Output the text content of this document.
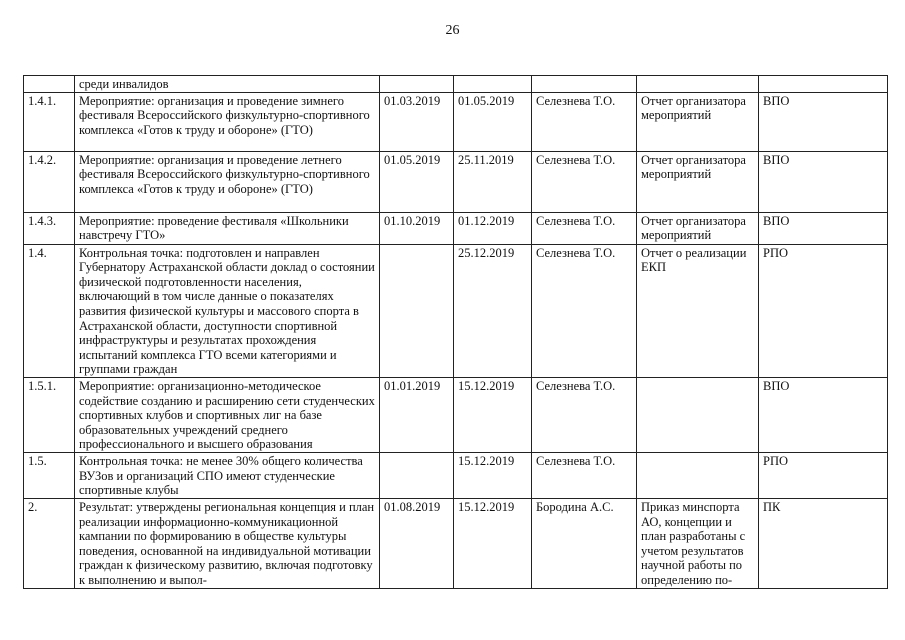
26
	среди инвалидов					
1.4.1.	Мероприятие: организация и проведение зимнего фестиваля Всероссийского физкультурно-спортивного комплекса «Готов к труду и обороне» (ГТО)	01.03.2019	01.05.2019	Селезнева Т.О.	Отчет организатора мероприятий	ВПО
1.4.2.	Мероприятие: организация и проведение летнего фестиваля Всероссийского физкультурно-спортивного комплекса «Готов к труду и обороне» (ГТО)	01.05.2019	25.11.2019	Селезнева Т.О.	Отчет организатора мероприятий	ВПО
1.4.3.	Мероприятие: проведение фестиваля «Школьники навстречу ГТО»	01.10.2019	01.12.2019	Селезнева Т.О.	Отчет организатора мероприятий	ВПО
1.4.	Контрольная точка: подготовлен и направлен Губернатору Астраханской области доклад о состоянии физической подготовленности населения, включающий в том числе данные о показателях развития физической культуры и массового спорта в Астраханской области, доступности спортивной инфраструктуры и результатах прохождения испытаний комплекса ГТО всеми категориями и группами граждан		25.12.2019	Селезнева Т.О.	Отчет о реализации ЕКП	РПО
1.5.1.	Мероприятие: организационно-методическое содействие созданию и расширению сети студенческих спортивных клубов и спортивных лиг на базе образовательных учреждений среднего профессионального и высшего образования	01.01.2019	15.12.2019	Селезнева Т.О.		ВПО
1.5.	Контрольная точка: не менее 30% общего количества ВУЗов и организаций СПО имеют студенческие спортивные клубы		15.12.2019	Селезнева Т.О.		РПО
2.	Результат: утверждены региональная концепция и план реализации информационно-коммуникационной кампании по формированию в обществе культуры поведения, основанной на индивидуальной мотивации граждан к физическому развитию, включая подготовку к выполнению и выпол-	01.08.2019	15.12.2019	Бородина А.С.	Приказ минспорта АО, концепции и план разработаны с учетом результатов научной работы по определению по-	ПК
